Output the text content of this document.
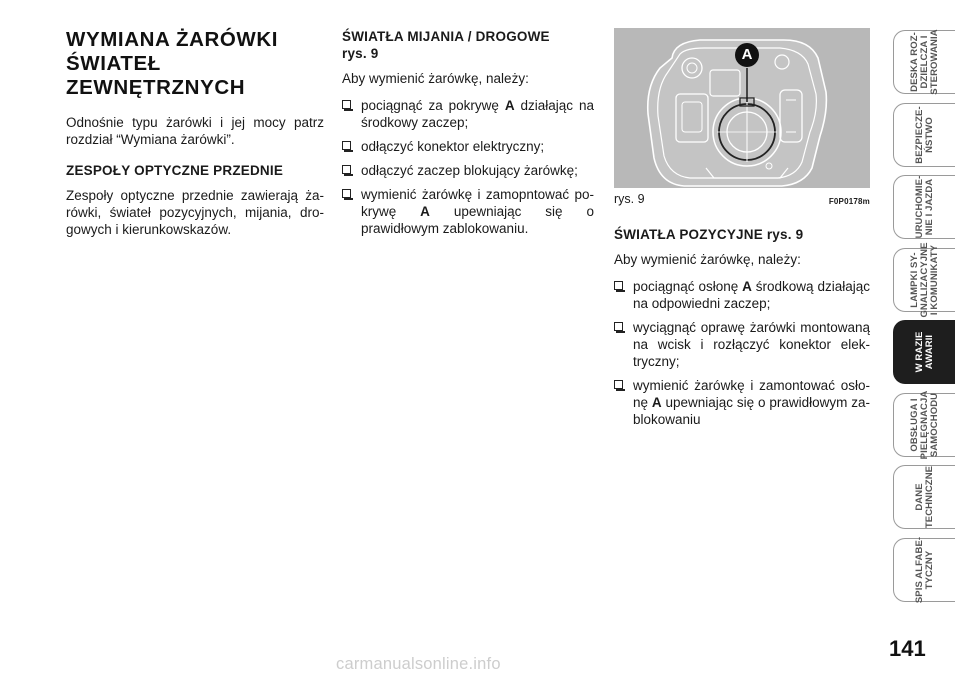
WYMIANA ŻARÓWKI
ŚWIATEŁ
ZEWNĘTRZNYCH

Odnośnie typu żarówki i jej mocy patrz rozdział “Wymiana żarówki”.

ZESPOŁY OPTYCZNE PRZEDNIE

Zespoły optyczne przednie zawierają ża-rówki, świateł pozycyjnych, mijania, dro-gowych i kierunkowskazów.

ŚWIATŁA MIJANIA / DROGOWE
rys. 9

Aby wymienić żarówkę, należy:

pociągnąć za pokrywę A działając na środkowy zaczep;
odłączyć konektor elektryczny;
odłączyć zaczep blokujący żarówkę;
wymienić żarówkę i zamopntować po-krywę A upewniając się o prawidłowym zablokowaniu.
A
rys. 9	F0P0178m
ŚWIATŁA POZYCYJNE rys. 9

Aby wymienić żarówkę, należy:

pociągnąć osłonę A środkową działając na odpowiedni zaczep;
wyciągnąć oprawę żarówki montowaną na wcisk i rozłączyć konektor elek-tryczny;
wymienić żarówkę i zamontować osło-nę A upewniając się o prawidłowym za-blokowaniu
DESKA ROZ-
DZIELCZA I
STEROWANIA
BEZPIECZE-
ŃSTWO
URUCHOMIE-
NIE I JAZDA
LAMPKI SY-
GNALIZACYJNE
I KOMUNIKATY
W RAZIE
AWARII
OBSŁUGA I
PIELĘGNACJA
SAMOCHODU
DANE
TECHNICZNE
SPIS ALFABE-
TYCZNY
141
carmanualsonline.info
